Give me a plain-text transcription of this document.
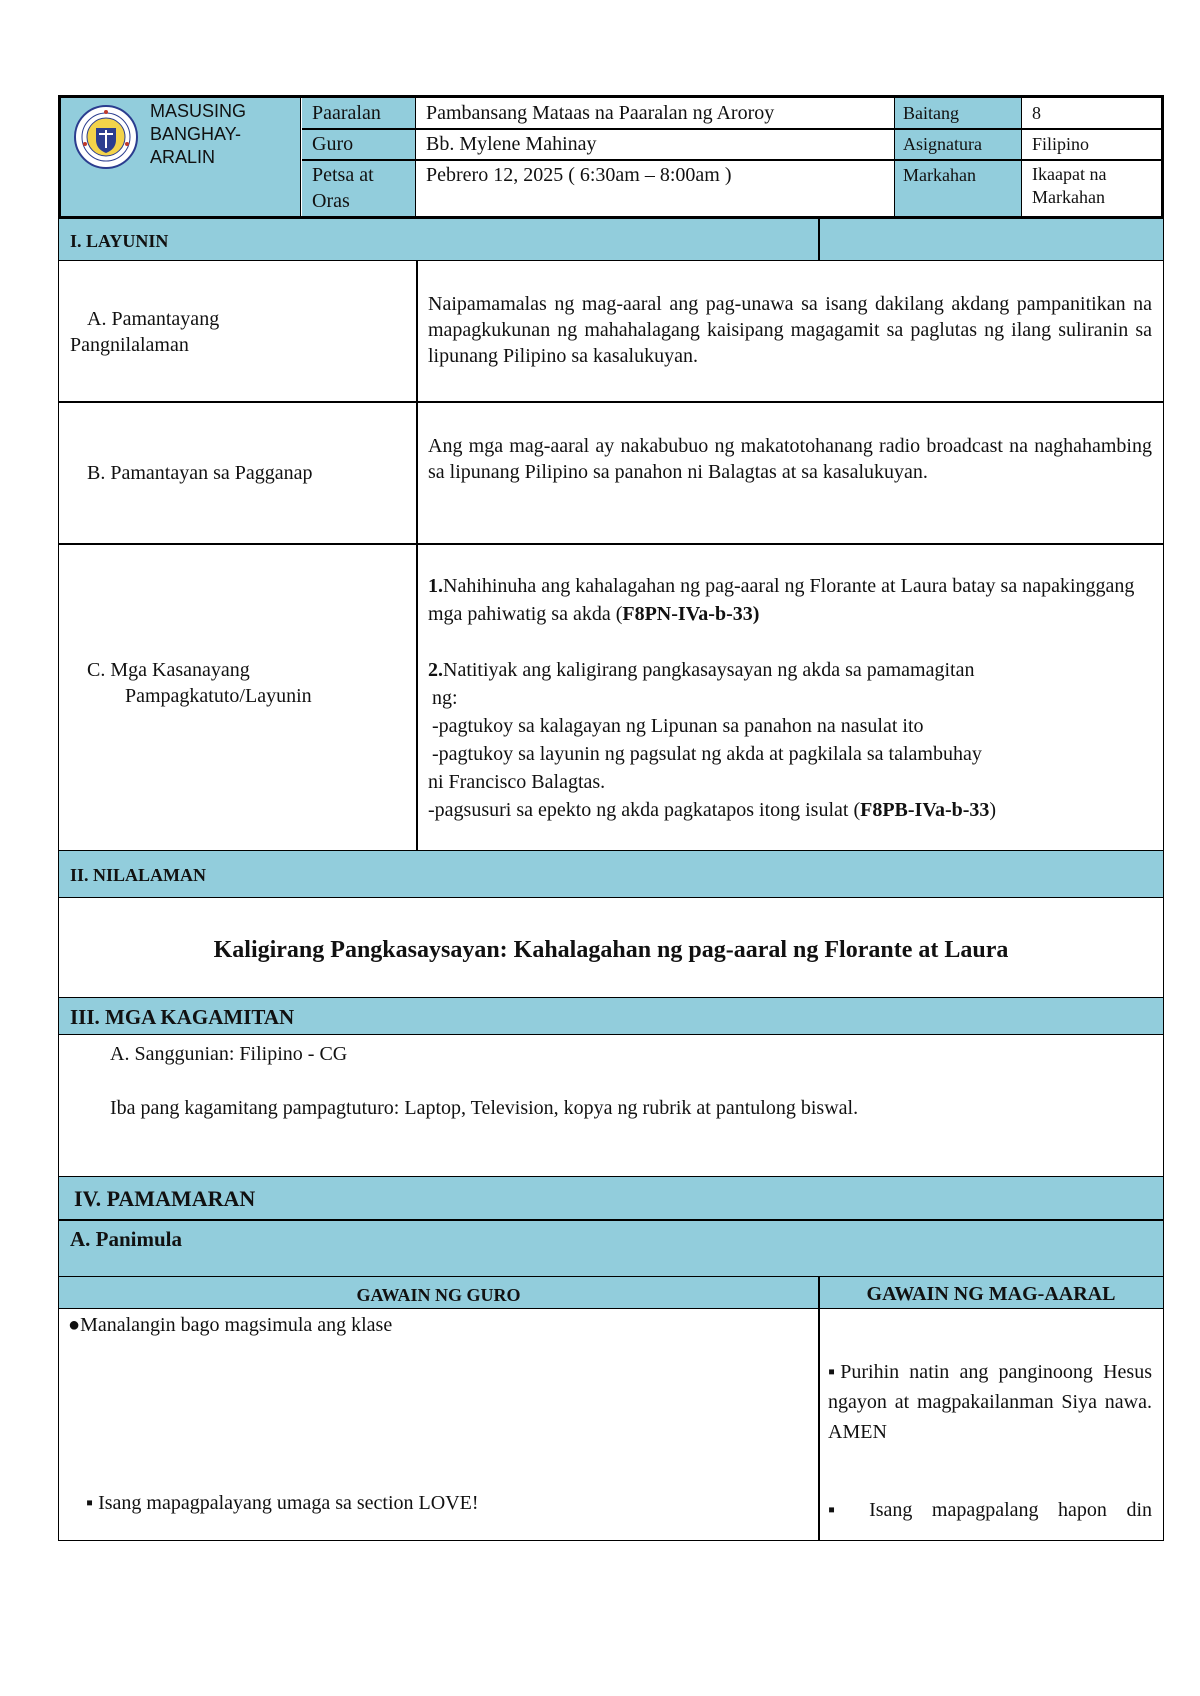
MASUSING
BANGHAY-
ARALIN
Paaralan
Guro
Petsa at
Oras
Pambansang Mataas na Paaralan ng Aroroy
Bb. Mylene Mahinay
Pebrero 12, 2025 ( 6:30am – 8:00am )
Baitang
Asignatura
Markahan
8
Filipino
Ikaapat na
Markahan
I. LAYUNIN
A. Pamantayang
Pangnilalaman
Naipamamalas ng mag-aaral ang pag-unawa sa isang dakilang akdang pampanitikan na mapagkukunan ng mahahalagang kaisipang magagamit sa paglutas ng ilang suliranin sa lipunang Pilipino sa kasalukuyan.
B. Pamantayan sa Pagganap
Ang mga mag-aaral ay nakabubuo ng makatotohanang radio broadcast na naghahambing sa lipunang Pilipino sa panahon ni Balagtas at sa kasalukuyan.
C. Mga Kasanayang
Pampagkatuto/Layunin
1.Nahihinuha ang kahalagahan ng pag-aaral ng Florante at Laura batay sa napakinggang mga pahiwatig sa akda (F8PN-IVa-b-33)
2.Natitiyak ang kaligirang pangkasaysayan ng akda sa pamamagitan
ng:
-pagtukoy sa kalagayan ng Lipunan sa panahon na nasulat ito
-pagtukoy sa layunin ng pagsulat ng akda at pagkilala sa talambuhay
ni Francisco Balagtas.
-pagsusuri sa epekto ng akda pagkatapos itong isulat (F8PB-IVa-b-33)
II. NILALAMAN
Kaligirang Pangkasaysayan: Kahalagahan ng pag-aaral ng Florante at Laura
III. MGA KAGAMITAN
A. Sanggunian: Filipino - CG
Iba pang kagamitang pampagtuturo: Laptop, Television, kopya ng rubrik at pantulong biswal.
IV. PAMAMARAN
A. Panimula
GAWAIN NG GURO	GAWAIN NG MAG-AARAL
●Manalangin bago magsimula ang klase
▪ Isang mapagpalayang umaga sa section LOVE!
▪Purihin natin ang panginoong Hesus ngayon at magpakailanman Siya nawa. AMEN
▪ Isang mapagpalang hapon din
